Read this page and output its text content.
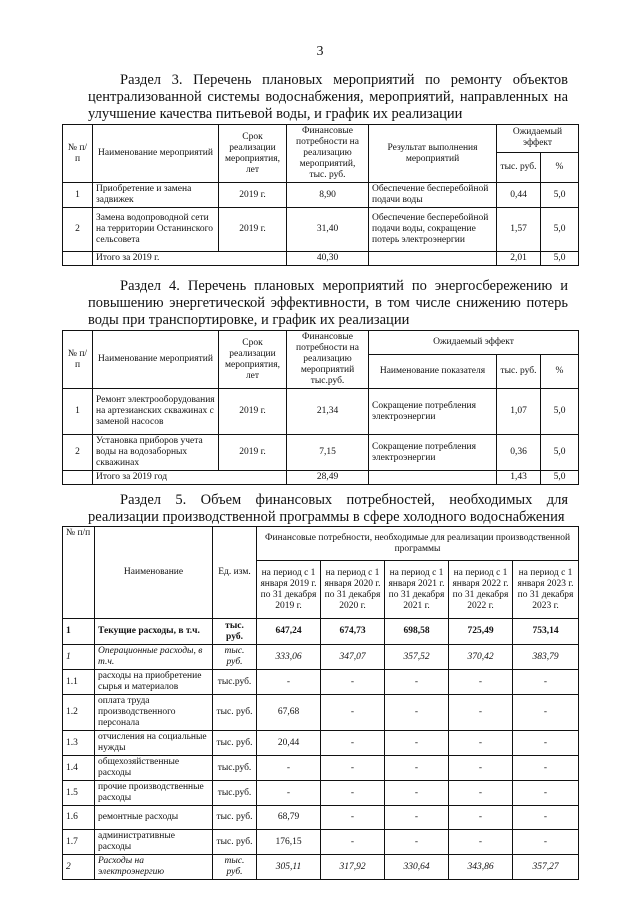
3
Раздел 3. Перечень плановых мероприятий по ремонту объектов централизованной системы водоснабжения, мероприятий, направленных на улучшение качества питьевой воды, и график их реализации
№ п/п	Наименование мероприятий	Срок реализации мероприятия, лет	Финансовые потребности на реализацию мероприятий, тыс. руб.	Результат выполнения мероприятий	Ожидаемый эффект	
					тыс. руб.	%
1	Приобретение и замена задвижек	2019 г.	8,90	Обеспечение бесперебойной подачи воды	0,44	5,0
2	Замена водопроводной сети на территории Останинского сельсовета	2019 г.	31,40	Обеспечение бесперебойной подачи воды, сокращение потерь электроэнергии	1,57	5,0
	Итого за 2019 г.		40,30		2,01	5,0
Раздел 4. Перечень плановых мероприятий по энергосбережению и повышению энергетической эффективности, в том числе снижению потерь воды при транспортировке, и график их реализации
№ п/п	Наименование мероприятий	Срок реализации мероприятия, лет	Финансовые потребности на реализацию мероприятий тыс.руб.	Ожидаемый эффект		
				Наименование показателя	тыс. руб.	%
1	Ремонт электрооборудования на артезианских скважинах с заменой насосов	2019 г.	21,34	Сокращение потребления электроэнергии	1,07	5,0
2	Установка приборов учета воды на водозаборных скважинах	2019 г.	7,15	Сокращение потребления электроэнергии	0,36	5,0
	Итого за 2019 год		28,49		1,43	5,0
Раздел 5. Объем финансовых потребностей, необходимых для реализации производственной программы в сфере холодного водоснабжения
№ п/п	Наименование	Ед. изм.	Финансовые потребности, необходимые для реализации производственной программы				
			на период с 1 января 2019 г. по 31 декабря 2019 г.	на период с 1 января 2020 г. по 31 декабря 2020 г.	на период с 1 января 2021 г. по 31 декабря 2021 г.	на период с 1 января 2022 г. по 31 декабря 2022 г.	на период с 1 января 2023 г. по 31 декабря 2023 г.
1	Текущие расходы, в т.ч.	тыс. руб.	647,24	674,73	698,58	725,49	753,14
1	Операционные расходы, в т.ч.	тыс. руб.	333,06	347,07	357,52	370,42	383,79
1.1	расходы на приобретение сырья и материалов	тыс.руб.	-	-	-	-	-
1.2	оплата труда производственного персонала	тыс. руб.	67,68	-	-	-	-
1.3	отчисления на социальные нужды	тыс. руб.	20,44	-	-	-	-
1.4	общехозяйственные расходы	тыс.руб.	-	-	-	-	-
1.5	прочие производственные расходы	тыс.руб.	-	-	-	-	-
1.6	ремонтные расходы	тыс. руб.	68,79	-	-	-	-
1.7	административные расходы	тыс. руб.	176,15	-	-	-	-
2	Расходы на электроэнергию	тыс. руб.	305,11	317,92	330,64	343,86	357,27
